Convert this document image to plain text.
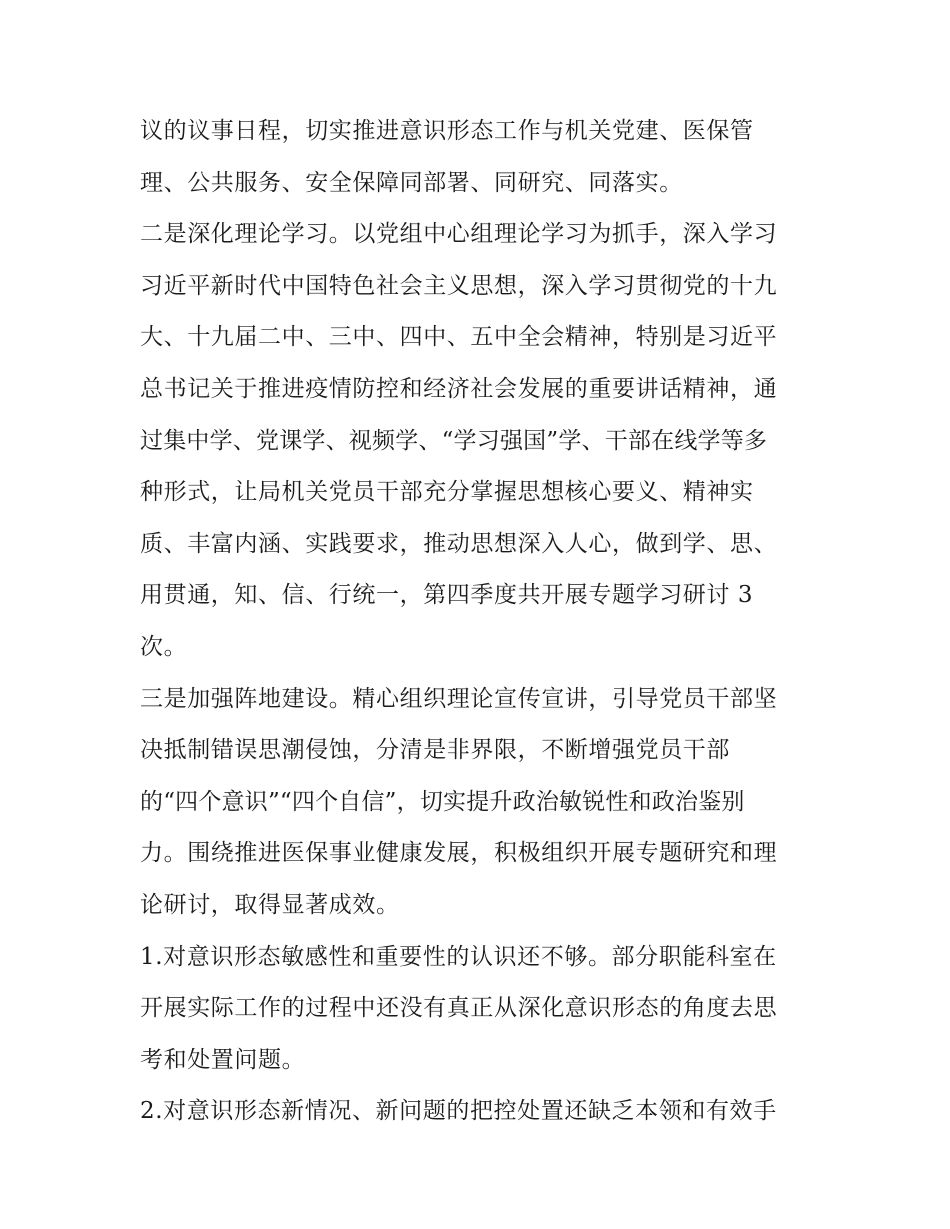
议的议事日程，切实推进意识形态工作与机关党建、医保管
理、公共服务、安全保障同部署、同研究、同落实。
二是深化理论学习。以党组中心组理论学习为抓手，深入学习
习近平新时代中国特色社会主义思想，深入学习贯彻党的十九
大、十九届二中、三中、四中、五中全会精神，特别是习近平
总书记关于推进疫情防控和经济社会发展的重要讲话精神，通
过集中学、党课学、视频学、“学习强国”学、干部在线学等多
种形式，让局机关党员干部充分掌握思想核心要义、精神实
质、丰富内涵、实践要求，推动思想深入人心，做到学、思、
用贯通，知、信、行统一，第四季度共开展专题学习研讨 3
次。
三是加强阵地建设。精心组织理论宣传宣讲，引导党员干部坚
决抵制错误思潮侵蚀，分清是非界限，不断增强党员干部
的“四个意识”“四个自信”，切实提升政治敏锐性和政治鉴别
力。围绕推进医保事业健康发展，积极组织开展专题研究和理
论研讨，取得显著成效。
1.对意识形态敏感性和重要性的认识还不够。部分职能科室在
开展实际工作的过程中还没有真正从深化意识形态的角度去思
考和处置问题。
2.对意识形态新情况、新问题的把控处置还缺乏本领和有效手
